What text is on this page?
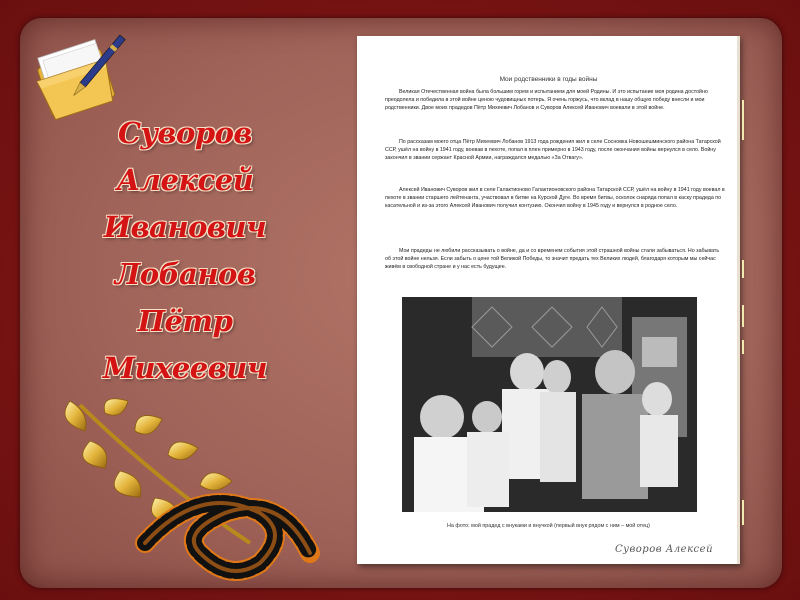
Суворов
Алексей Иванович
Лобанов
Пётр Михеевич
Мои родственники в годы войны
Великая Отечественная война была большим горем и испытанием для моей Родины. И это испытание моя родина достойно преодолела и победила в этой войне ценою чудовищных потерь. Я очень горжусь, что вклад в нашу общую победу внесли и мои родственники. Двое моих прадедов Пётр Михеевич Лобанов и Суворов Алексей Иванович воевали в этой войне.
По рассказам моего отца Пётр Михеевич Лобанов 1913 года рождения жил в селе Сосновка Новошешминского района Татарской ССР, ушёл на войну в 1941 году, воевав в пехоте, попал в плен примерно в 1943 году, после окончания войны вернулся в село. Войну закончил в звании сержант Красной Армии, награждался медалью «За Отвагу».
Алексей Иванович Суворов жил в селе Галактионово Галактионовского района Татарской ССР, ушёл на войну в 1941 году воевал в пехоте в звании старшего лейтенанта, участвовал в битве на Курской Дуге. Во время битвы, осколок снаряда попал в каску прадеда по касательной и из-за этого Алексей Иванович получил контузию. Окончил войну в 1945 году и вернулся в родное село.
Мои прадеды не любили рассказывать о войне, да и со временем события этой страшной войны стали забываться. Но забывать об этой войне нельзя. Если забыть о цене той Великой Победы, то значит предать тех Великих людей, благодаря которым мы сейчас живём в свободной стране и у нас есть будущее.
На фото: мой прадед с внуками и внучкой (первый внук рядом с ним – мой отец)
Суворов Алексей
